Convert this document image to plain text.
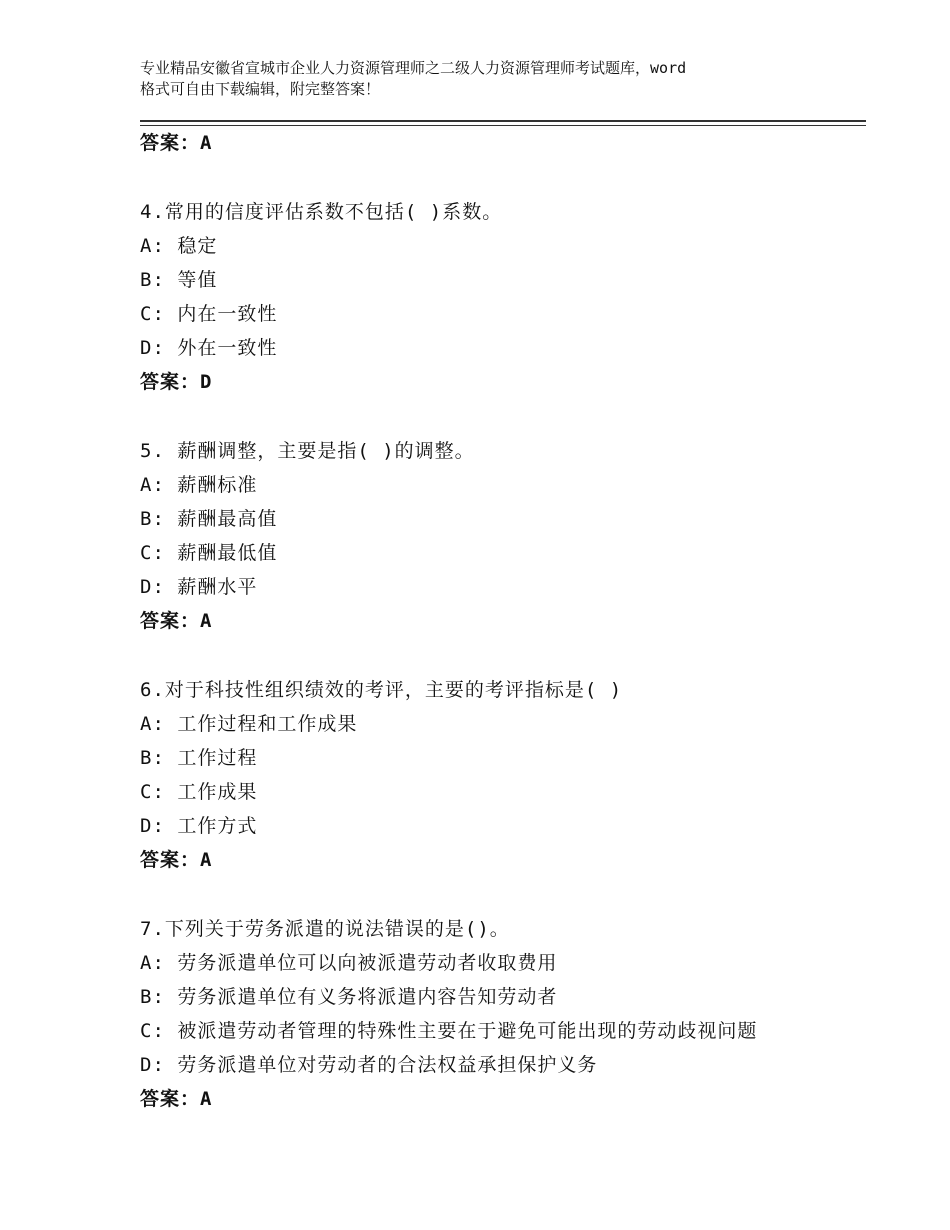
专业精品安徽省宣城市企业人力资源管理师之二级人力资源管理师考试题库，word
格式可自由下载编辑，附完整答案！
答案：A
4.常用的信度评估系数不包括( )系数。
A: 稳定
B: 等值
C: 内在一致性
D: 外在一致性
答案：D
5. 薪酬调整，主要是指( )的调整。
A: 薪酬标准
B: 薪酬最高值
C: 薪酬最低值
D: 薪酬水平
答案：A
6.对于科技性组织绩效的考评，主要的考评指标是( )
A: 工作过程和工作成果
B: 工作过程
C: 工作成果
D: 工作方式
答案：A
7.下列关于劳务派遣的说法错误的是()。
A: 劳务派遣单位可以向被派遣劳动者收取费用
B: 劳务派遣单位有义务将派遣内容告知劳动者
C: 被派遣劳动者管理的特殊性主要在于避免可能出现的劳动歧视问题
D: 劳务派遣单位对劳动者的合法权益承担保护义务
答案：A
